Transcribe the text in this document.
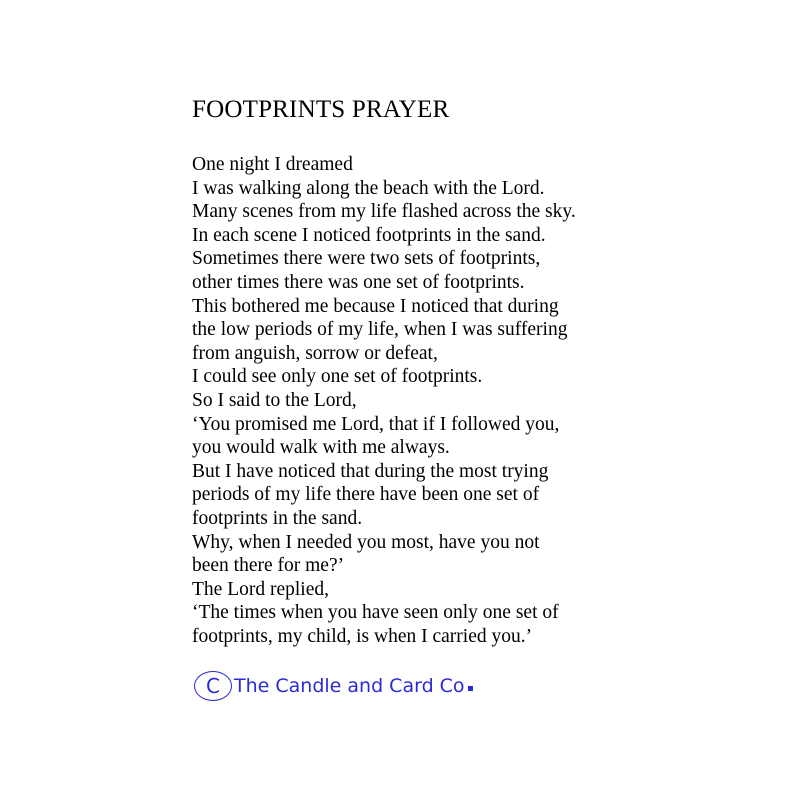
FOOTPRINTS PRAYER
One night I dreamed
I was walking along the beach with the Lord.
Many scenes from my life flashed across the sky.
In each scene I noticed footprints in the sand.
Sometimes there were two sets of footprints,
other times there was one set of footprints.
This bothered me because I noticed that during
the low periods of my life, when I was suffering
from anguish, sorrow or defeat,
I could see only one set of footprints.
So I said to the Lord,
‘You promised me Lord, that if I followed you,
you would walk with me always.
But I have noticed that during the most trying
periods of my life there have been one set of
footprints in the sand.
Why, when I needed you most, have you not
been there for me?’
The Lord replied,
‘The times when you have seen only one set of
footprints, my child, is when I carried you.’
C The Candle and Card Co
